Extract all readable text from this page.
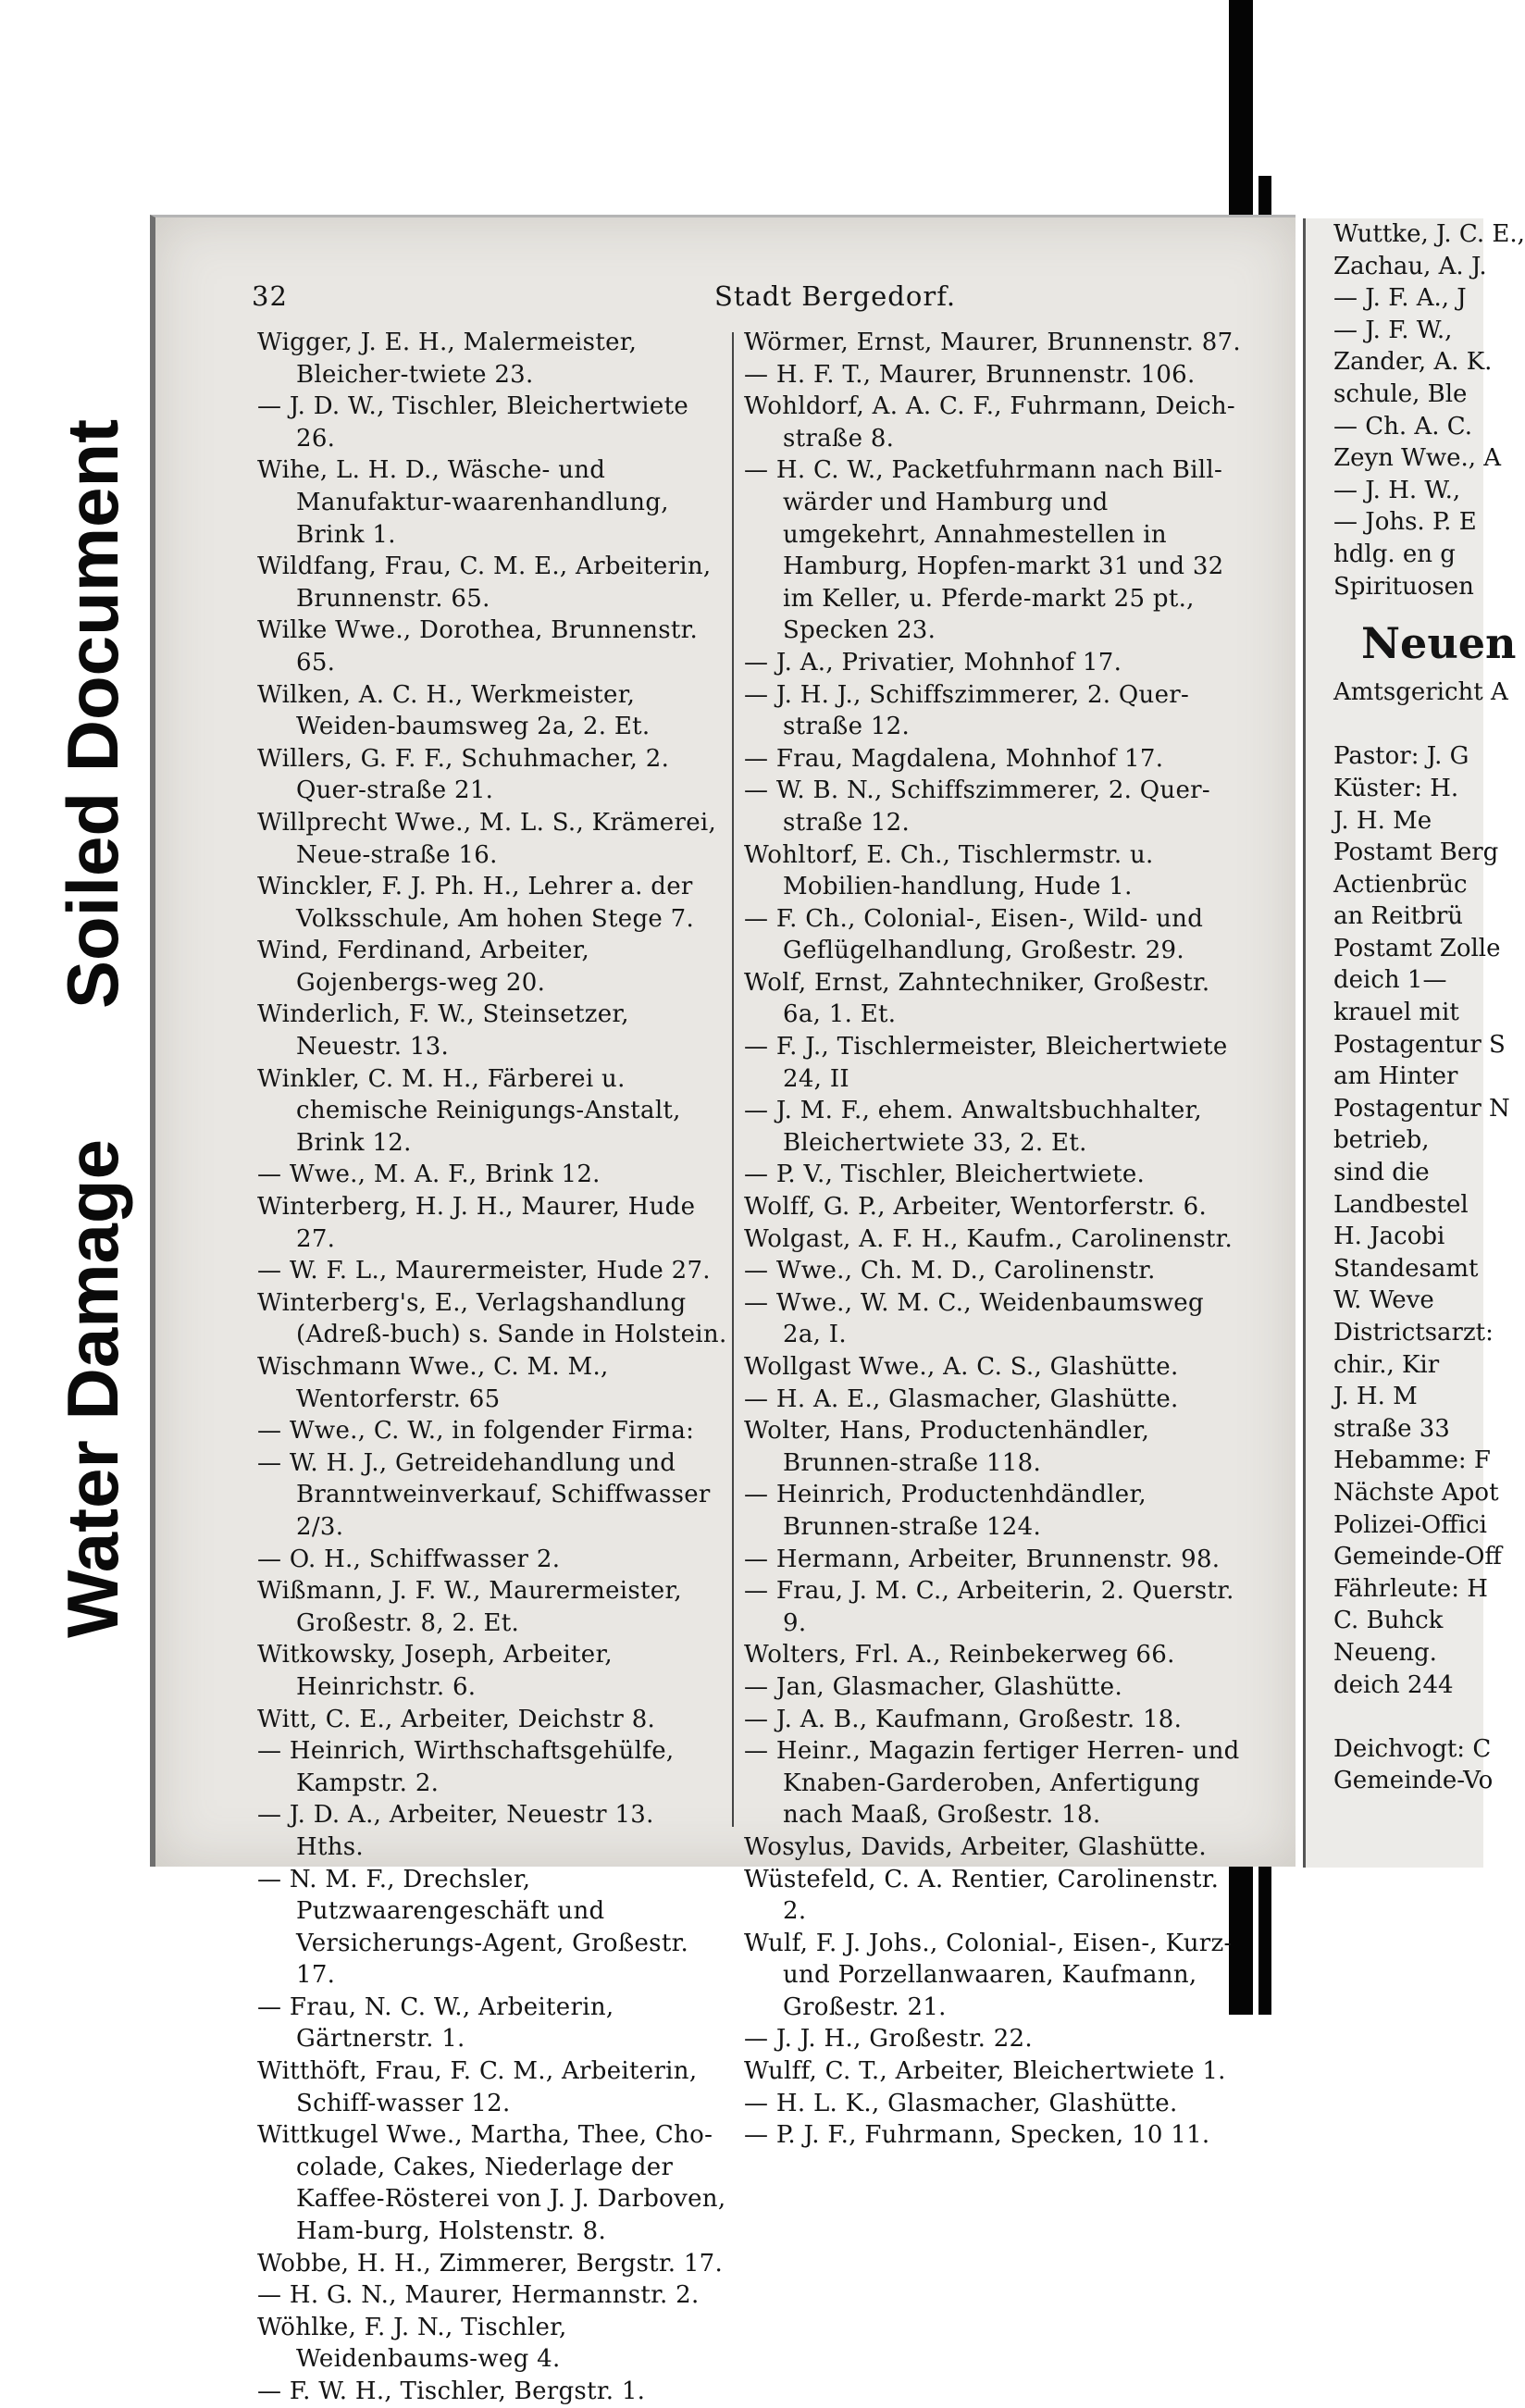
Water Damage
Soiled Document
32	Stadt Bergedorf.
Wigger, J. E. H., Malermeister, Bleicher-twiete 23.
— J. D. W., Tischler, Bleichertwiete 26.
Wihe, L. H. D., Wäsche- und Manufaktur-waarenhandlung, Brink 1.
Wildfang, Frau, C. M. E., Arbeiterin, Brunnenstr. 65.
Wilke Wwe., Dorothea, Brunnenstr. 65.
Wilken, A. C. H., Werkmeister, Weiden-baumsweg 2a, 2. Et.
Willers, G. F. F., Schuhmacher, 2. Quer-straße 21.
Willprecht Wwe., M. L. S., Krämerei, Neue-straße 16.
Winckler, F. J. Ph. H., Lehrer a. der Volksschule, Am hohen Stege 7.
Wind, Ferdinand, Arbeiter, Gojenbergs-weg 20.
Winderlich, F. W., Steinsetzer, Neuestr. 13.
Winkler, C. M. H., Färberei u. chemische Reinigungs-Anstalt, Brink 12.
— Wwe., M. A. F., Brink 12.
Winterberg, H. J. H., Maurer, Hude 27.
— W. F. L., Maurermeister, Hude 27.
Winterberg's, E., Verlagshandlung (Adreß-buch) s. Sande in Holstein.
Wischmann Wwe., C. M. M., Wentorferstr. 65
— Wwe., C. W., in folgender Firma:
— W. H. J., Getreidehandlung und Branntweinverkauf, Schiffwasser 2/3.
— O. H., Schiffwasser 2.
Wißmann, J. F. W., Maurermeister, Großestr. 8, 2. Et.
Witkowsky, Joseph, Arbeiter, Heinrichstr. 6.
Witt, C. E., Arbeiter, Deichstr 8.
— Heinrich, Wirthschaftsgehülfe, Kampstr. 2.
— J. D. A., Arbeiter, Neuestr 13. Hths.
— N. M. F., Drechsler, Putzwaarengeschäft und Versicherungs-Agent, Großestr. 17.
— Frau, N. C. W., Arbeiterin, Gärtnerstr. 1.
Witthöft, Frau, F. C. M., Arbeiterin, Schiff-wasser 12.
Wittkugel Wwe., Martha, Thee, Cho-colade, Cakes, Niederlage der Kaffee-Rösterei von J. J. Darboven, Ham-burg, Holstenstr. 8.
Wobbe, H. H., Zimmerer, Bergstr. 17.
— H. G. N., Maurer, Hermannstr. 2.
Wöhlke, F. J. N., Tischler, Weidenbaums-weg 4.
— F. W. H., Tischler, Bergstr. 1.
Wörmer, Ernst, Maurer, Brunnenstr. 87.
— H. F. T., Maurer, Brunnenstr. 106.
Wohldorf, A. A. C. F., Fuhrmann, Deich-straße 8.
— H. C. W., Packetfuhrmann nach Bill-wärder und Hamburg und umgekehrt, Annahmestellen in Hamburg, Hopfen-markt 31 und 32 im Keller, u. Pferde-markt 25 pt., Specken 23.
— J. A., Privatier, Mohnhof 17.
— J. H. J., Schiffszimmerer, 2. Quer-straße 12.
— Frau, Magdalena, Mohnhof 17.
— W. B. N., Schiffszimmerer, 2. Quer-straße 12.
Wohltorf, E. Ch., Tischlermstr. u. Mobilien-handlung, Hude 1.
— F. Ch., Colonial-, Eisen-, Wild- und Geflügelhandlung, Großestr. 29.
Wolf, Ernst, Zahntechniker, Großestr. 6a, 1. Et.
— F. J., Tischlermeister, Bleichertwiete 24, II
— J. M. F., ehem. Anwaltsbuchhalter, Bleichertwiete 33, 2. Et.
— P. V., Tischler, Bleichertwiete.
Wolff, G. P., Arbeiter, Wentorferstr. 6.
Wolgast, A. F. H., Kaufm., Carolinenstr.
— Wwe., Ch. M. D., Carolinenstr.
— Wwe., W. M. C., Weidenbaumsweg 2a, I.
Wollgast Wwe., A. C. S., Glashütte.
— H. A. E., Glasmacher, Glashütte.
Wolter, Hans, Productenhändler, Brunnen-straße 118.
— Heinrich, Productenhdändler, Brunnen-straße 124.
— Hermann, Arbeiter, Brunnenstr. 98.
— Frau, J. M. C., Arbeiterin, 2. Querstr. 9.
Wolters, Frl. A., Reinbekerweg 66.
— Jan, Glasmacher, Glashütte.
— J. A. B., Kaufmann, Großestr. 18.
— Heinr., Magazin fertiger Herren- und Knaben-Garderoben, Anfertigung nach Maaß, Großestr. 18.
Wosylus, Davids, Arbeiter, Glashütte.
Wüstefeld, C. A. Rentier, Carolinenstr. 2.
Wulf, F. J. Johs., Colonial-, Eisen-, Kurz- und Porzellanwaaren, Kaufmann, Großestr. 21.
— J. J. H., Großestr. 22.
Wulff, C. T., Arbeiter, Bleichertwiete 1.
— H. L. K., Glasmacher, Glashütte.
— P. J. F., Fuhrmann, Specken, 10 11.
Wuttke, J. C. E.,
Zachau, A. J.
— J. F. A., J
— J. F. W.,
Zander, A. K.
schule, Ble
— Ch. A. C.
Zeyn Wwe., A
— J. H. W.,
— Johs. P. E
hdlg. en g
Spirituosen
Neuen
Amtsgericht A

Pastor: J. G
Küster: H.
J. H. Me
Postamt Berg
Actienbrüc
an Reitbrü
Postamt Zolle
deich 1—
krauel mit
Postagentur S
am Hinter
Postagentur N
betrieb,
sind die
Landbestel
H. Jacobi
Standesamt
W. Weve
Districtsarzt:
chir., Kir
J. H. M
straße 33
Hebamme: F
Nächste Apot
Polizei-Offici
Gemeinde-Off
Fährleute: H
C. Buhck
Neueng.
deich 244

Deichvogt: C
Gemeinde-Vo
